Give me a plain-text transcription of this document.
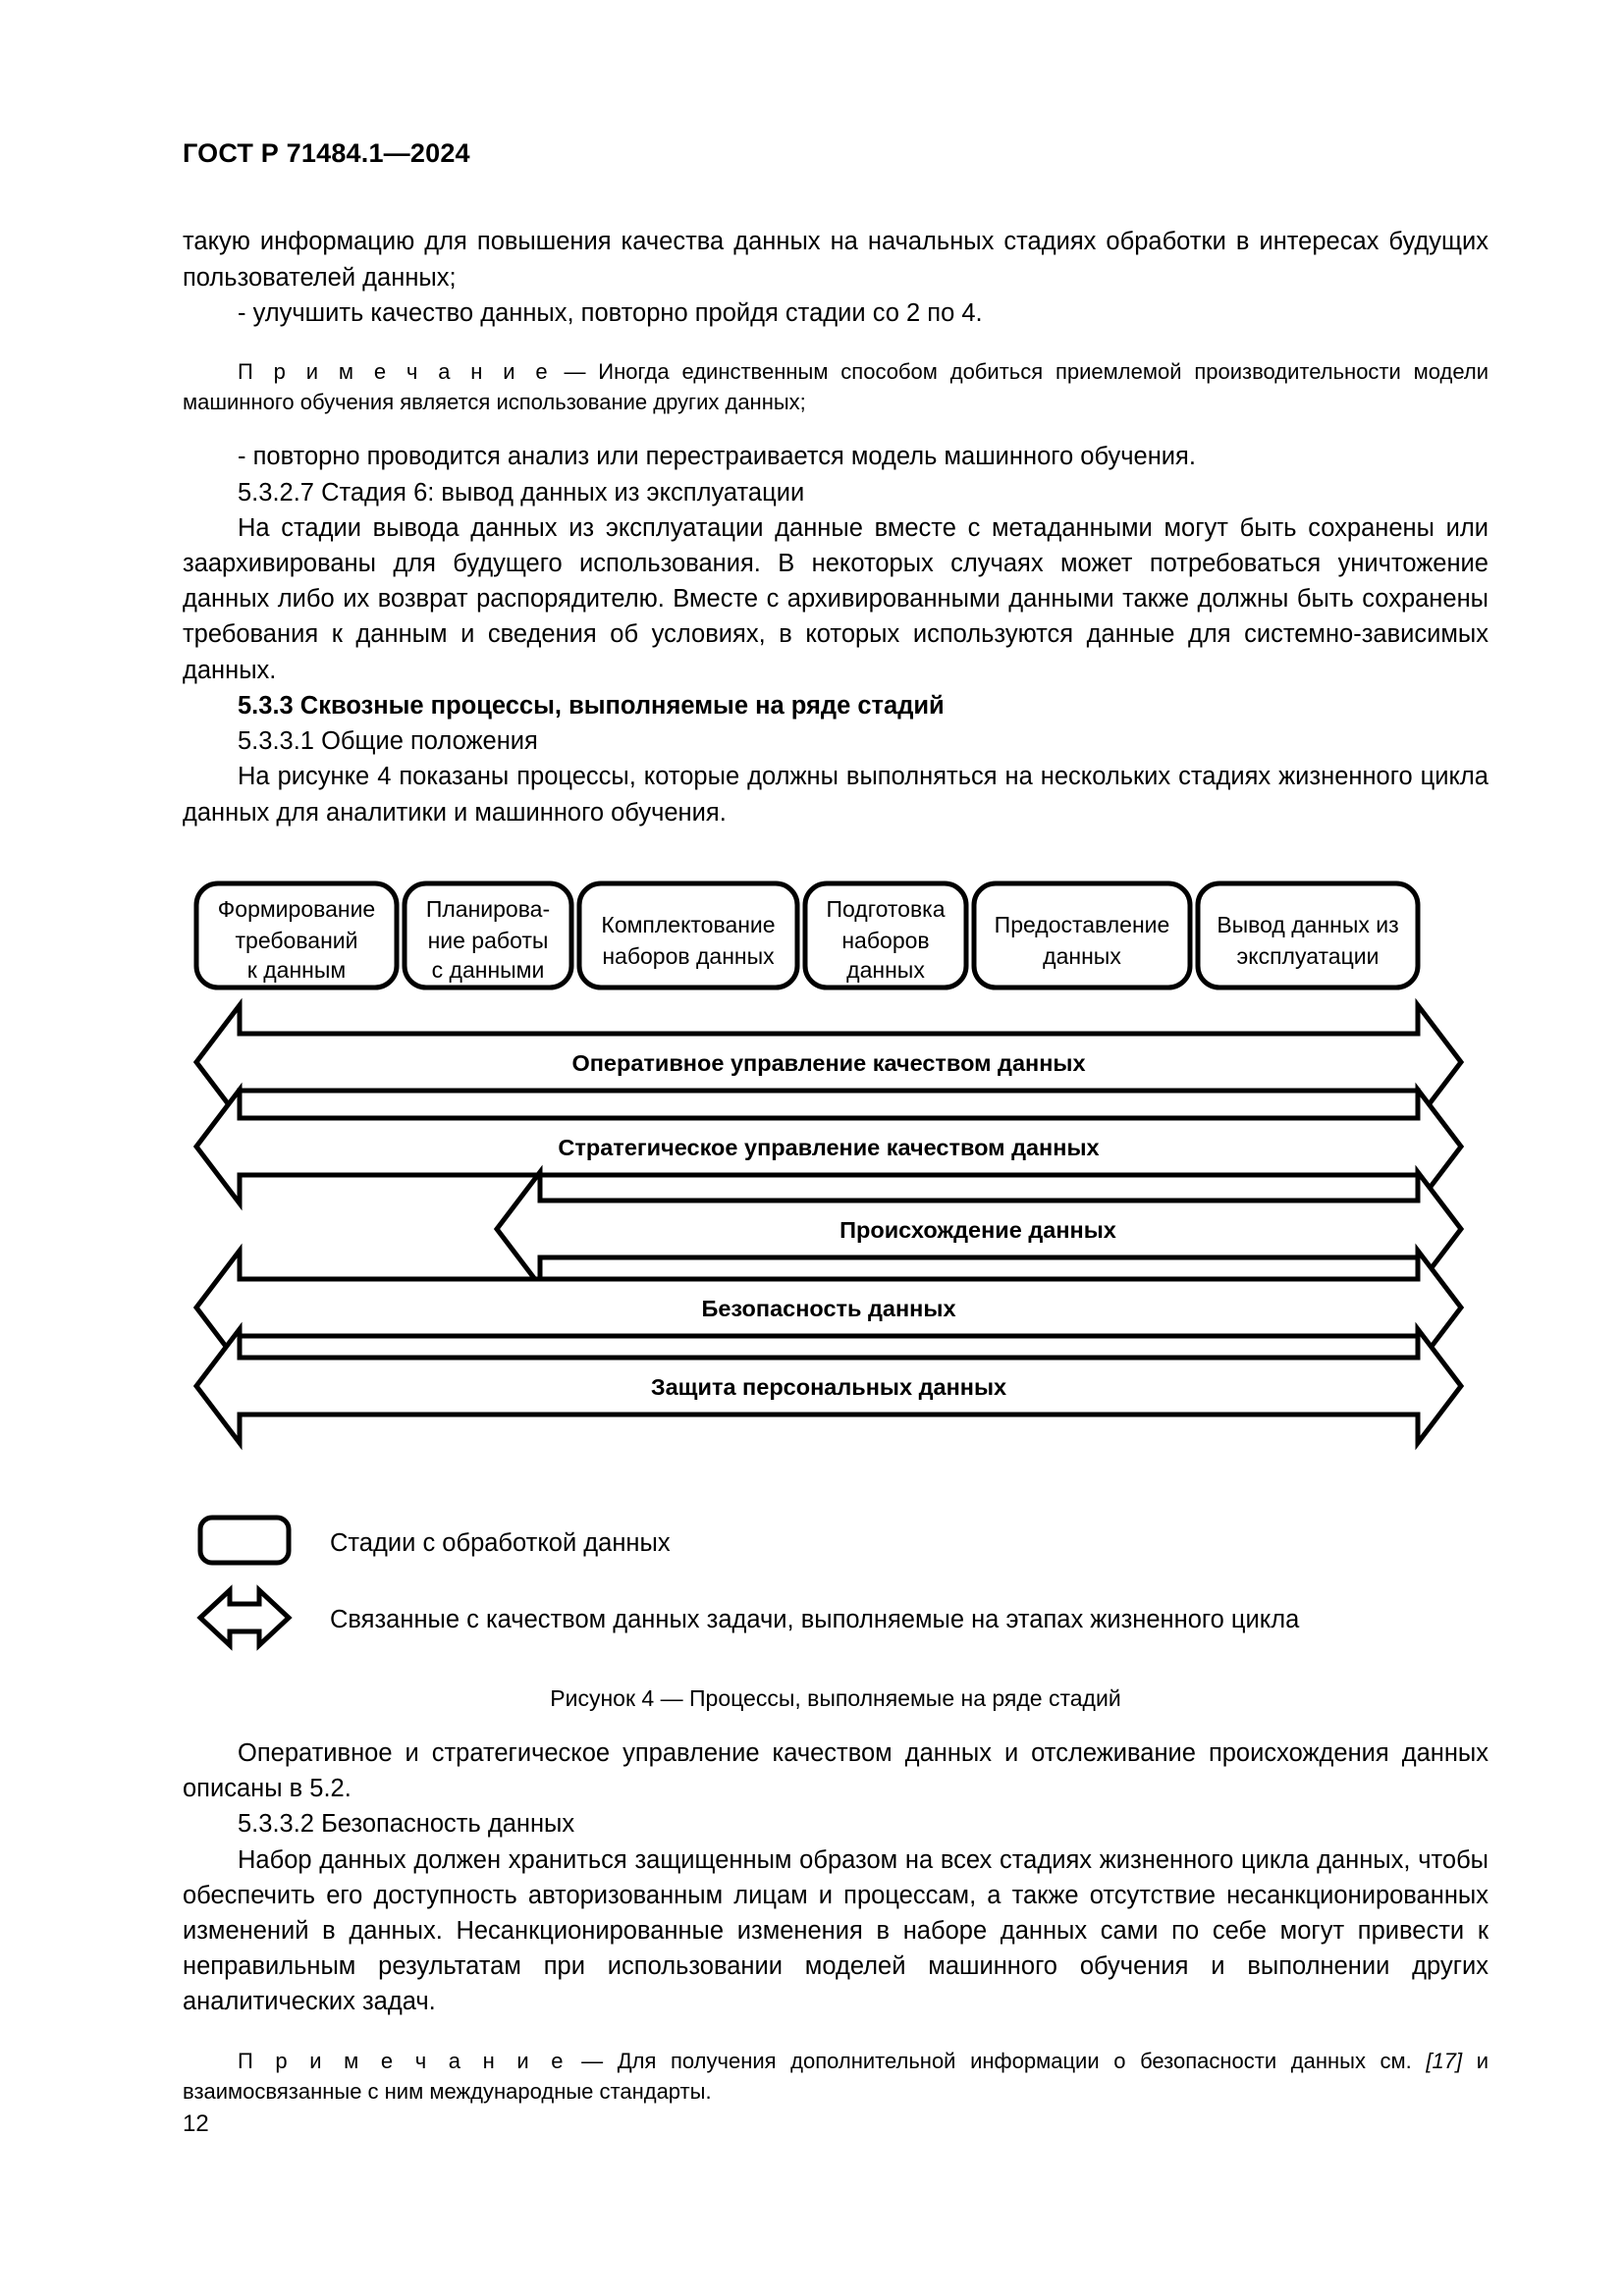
ГОСТ Р 71484.1—2024

такую информацию для повышения качества данных на начальных стадиях обработки в интересах будущих пользователей данных;

- улучшить качество данных, повторно пройдя стадии со 2 по 4.

П р и м е ч а н и е — Иногда единственным способом добиться приемлемой производительности модели машинного обучения является использование других данных;

- повторно проводится анализ или перестраивается модель машинного обучения.

5.3.2.7 Стадия 6: вывод данных из эксплуатации

На стадии вывода данных из эксплуатации данные вместе с метаданными могут быть сохранены или заархивированы для будущего использования. В некоторых случаях может потребоваться уничтожение данных либо их возврат распорядителю. Вместе с архивированными данными также должны быть сохранены требования к данным и сведения об условиях, в которых используются данные для системно-зависимых данных.

5.3.3 Сквозные процессы, выполняемые на ряде стадий

5.3.3.1 Общие положения

На рисунке 4 показаны процессы, которые должны выполняться на нескольких стадиях жизненного цикла данных для аналитики и машинного обучения.

Формирование
требований
к данным
Планирова-
ние работы
с данными
Комплектование
наборов данных
Подготовка
наборов
данных
Предоставление
данных
Вывод данных из
эксплуатации
Оперативное управление качеством данных
Стратегическое управление качеством данных
Происхождение данных
Безопасность данных
Защита персональных данных
Стадии с обработкой данных
Связанные с качеством данных задачи, выполняемые на этапах жизненного цикла

Рисунок 4 — Процессы, выполняемые на ряде стадий

Оперативное и стратегическое управление качеством данных и отслеживание происхождения данных описаны в 5.2.

5.3.3.2 Безопасность данных

Набор данных должен храниться защищенным образом на всех стадиях жизненного цикла данных, чтобы обеспечить его доступность авторизованным лицам и процессам, а также отсутствие несанкционированных изменений в данных. Несанкционированные изменения в наборе данных сами по себе могут привести к неправильным результатам при использовании моделей машинного обучения и выполнении других аналитических задач.

П р и м е ч а н и е — Для получения дополнительной информации о безопасности данных см. [17] и взаимосвязанные с ним международные стандарты.

12
